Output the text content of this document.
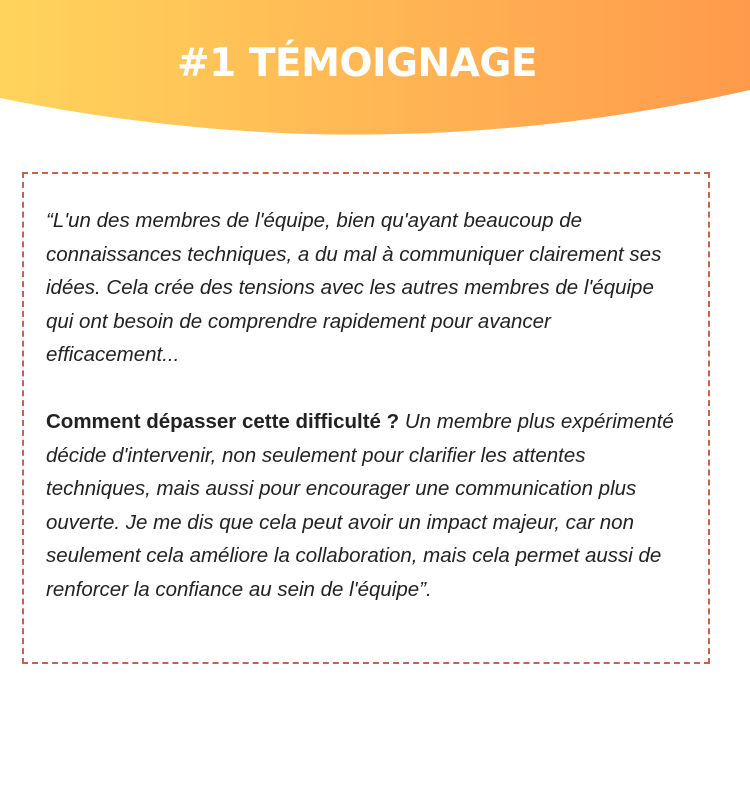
#1 TÉMOIGNAGE

“L'un des membres de l'équipe, bien qu'ayant beaucoup de connaissances techniques, a du mal à communiquer clairement ses idées. Cela crée des tensions avec les autres membres de l'équipe qui ont besoin de comprendre rapidement pour avancer efficacement...

Comment dépasser cette difficulté ? Un membre plus expérimenté décide d'intervenir, non seulement pour clarifier les attentes techniques, mais aussi pour encourager une communication plus ouverte. Je me dis que cela peut avoir un impact majeur, car non seulement cela améliore la collaboration, mais cela permet aussi de renforcer la confiance au sein de l'équipe”.
